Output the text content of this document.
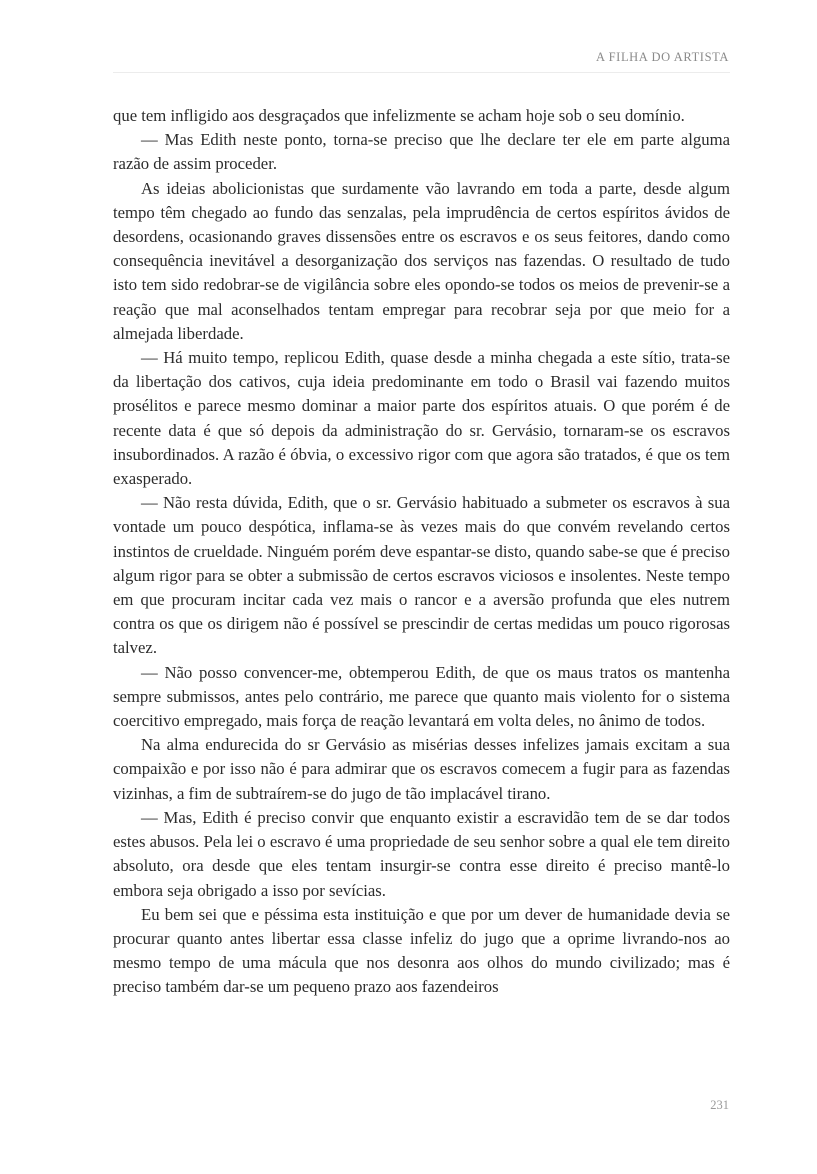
A FILHA DO ARTISTA

que tem infligido aos desgraçados que infelizmente se acham hoje sob o seu domínio.

— Mas Edith neste ponto, torna-se preciso que lhe declare ter ele em parte alguma razão de assim proceder.

As ideias abolicionistas que surdamente vão lavrando em toda a parte, desde algum tempo têm chegado ao fundo das senzalas, pela imprudência de certos espíritos ávidos de desordens, ocasionando graves dissensões entre os escravos e os seus feitores, dando como consequência inevitável a desorganização dos serviços nas fazendas. O resultado de tudo isto tem sido redobrar-se de vigilância sobre eles opondo-se todos os meios de prevenir-se a reação que mal aconselhados tentam empregar para recobrar seja por que meio for a almejada liberdade.

— Há muito tempo, replicou Edith, quase desde a minha chegada a este sítio, trata-se da libertação dos cativos, cuja ideia predominante em todo o Brasil vai fazendo muitos prosélitos e parece mesmo dominar a maior parte dos espíritos atuais. O que porém é de recente data é que só depois da administração do sr. Gervásio, tornaram-se os escravos insubordinados. A razão é óbvia, o excessivo rigor com que agora são tratados, é que os tem exasperado.

— Não resta dúvida, Edith, que o sr. Gervásio habituado a submeter os escravos à sua vontade um pouco despótica, inflama-se às vezes mais do que convém revelando certos instintos de crueldade. Ninguém porém deve espantar-se disto, quando sabe-se que é preciso algum rigor para se obter a submissão de certos escravos viciosos e insolentes. Neste tempo em que procuram incitar cada vez mais o rancor e a aversão profunda que eles nutrem contra os que os dirigem não é possível se prescindir de certas medidas um pouco rigorosas talvez.

— Não posso convencer-me, obtemperou Edith, de que os maus tratos os mantenha sempre submissos, antes pelo contrário, me parece que quanto mais violento for o sistema coercitivo empregado, mais força de reação levantará em volta deles, no ânimo de todos.

Na alma endurecida do sr Gervásio as misérias desses infelizes jamais excitam a sua compaixão e por isso não é para admirar que os escravos comecem a fugir para as fazendas vizinhas, a fim de subtraírem-se do jugo de tão implacável tirano.

— Mas, Edith é preciso convir que enquanto existir a escravidão tem de se dar todos estes abusos. Pela lei o escravo é uma propriedade de seu senhor sobre a qual ele tem direito absoluto, ora desde que eles tentam insurgir-se contra esse direito é preciso mantê-lo embora seja obrigado a isso por sevícias.

Eu bem sei que e péssima esta instituição e que por um dever de humanidade devia se procurar quanto antes libertar essa classe infeliz do jugo que a oprime livrando-nos ao mesmo tempo de uma mácula que nos desonra aos olhos do mundo civilizado; mas é preciso também dar-se um pequeno prazo aos fazendeiros

231
